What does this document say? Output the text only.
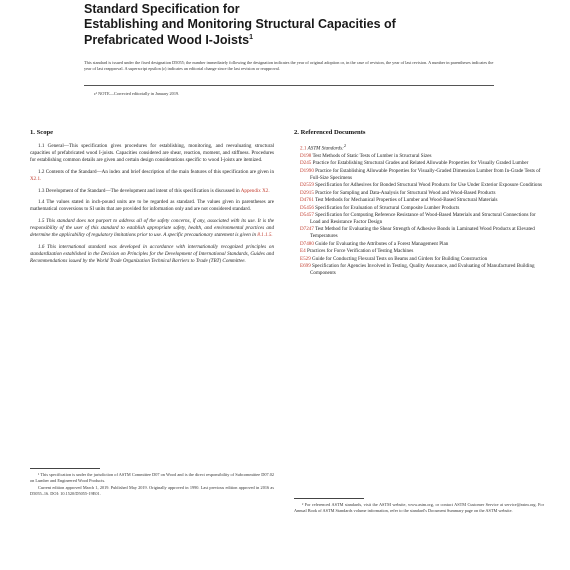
Standard Specification for
Establishing and Monitoring Structural Capacities of
Prefabricated Wood I-Joists$^1$
This standard is issued under the fixed designation D5055; the number immediately following the designation indicates the year of original adoption or, in the case of revision, the year of last revision. A number in parentheses indicates the year of last reapproval. A superscript epsilon (ε) indicates an editorial change since the last revision or reapproval.
ε¹ NOTE—Corrected editorially in January 2019.
1. Scope

1.1 General—This specification gives procedures for establishing, monitoring, and reevaluating structural capacities of prefabricated wood I-joists. Capacities considered are shear, reaction, moment, and stiffness. Procedures for establishing common details are given and certain design considerations specific to wood I-joists are itemized.

1.2 Contents of the Standard—An index and brief description of the main features of this specification are given in X2.1.

1.3 Development of the Standard—The development and intent of this specification is discussed in Appendix X2.

1.4 The values stated in inch-pound units are to be regarded as standard. The values given in parentheses are mathematical conversions to SI units that are provided for information only and are not considered standard.

1.5 This standard does not purport to address all of the safety concerns, if any, associated with its use. It is the responsibility of the user of this standard to establish appropriate safety, health, and environmental practices and determine the applicability of regulatory limitations prior to use. A specific precautionary statement is given in 8.1.1.5.

1.6 This international standard was developed in accordance with internationally recognized principles on standardization established in the Decision on Principles for the Development of International Standards, Guides and Recommendations issued by the World Trade Organization Technical Barriers to Trade (TBT) Committee.

2. Referenced Documents
2.1 ASTM Standards:$^2$
D198 Test Methods of Static Tests of Lumber in Structural Sizes
D245 Practice for Establishing Structural Grades and Related Allowable Properties for Visually Graded Lumber
D1990 Practice for Establishing Allowable Properties for Visually-Graded Dimension Lumber from In-Grade Tests of Full-Size Specimens
D2559 Specification for Adhesives for Bonded Structural Wood Products for Use Under Exterior Exposure Conditions
D2915 Practice for Sampling and Data-Analysis for Structural Wood and Wood-Based Products
D4761 Test Methods for Mechanical Properties of Lumber and Wood-Based Structural Materials
D5456 Specification for Evaluation of Structural Composite Lumber Products
D5457 Specification for Computing Reference Resistance of Wood-Based Materials and Structural Connections for Load and Resistance Factor Design
D7247 Test Method for Evaluating the Shear Strength of Adhesive Bonds in Laminated Wood Products at Elevated Temperatures
D7480 Guide for Evaluating the Attributes of a Forest Management Plan
E4 Practices for Force Verification of Testing Machines
E529 Guide for Conducting Flexural Tests on Beams and Girders for Building Construction
E699 Specification for Agencies Involved in Testing, Quality Assurance, and Evaluating of Manufactured Building Components

¹ This specification is under the jurisdiction of ASTM Committee D07 on Wood and is the direct responsibility of Subcommittee D07.02 on Lumber and Engineered Wood Products.

Current edition approved March 1, 2019. Published May 2019. Originally approved in 1990. Last previous edition approved in 2016 as D5055–16. DOI: 10.1520/D5055-19E01.

² For referenced ASTM standards, visit the ASTM website, www.astm.org, or contact ASTM Customer Service at service@astm.org. For Annual Book of ASTM Standards volume information, refer to the standard's Document Summary page on the ASTM website.
